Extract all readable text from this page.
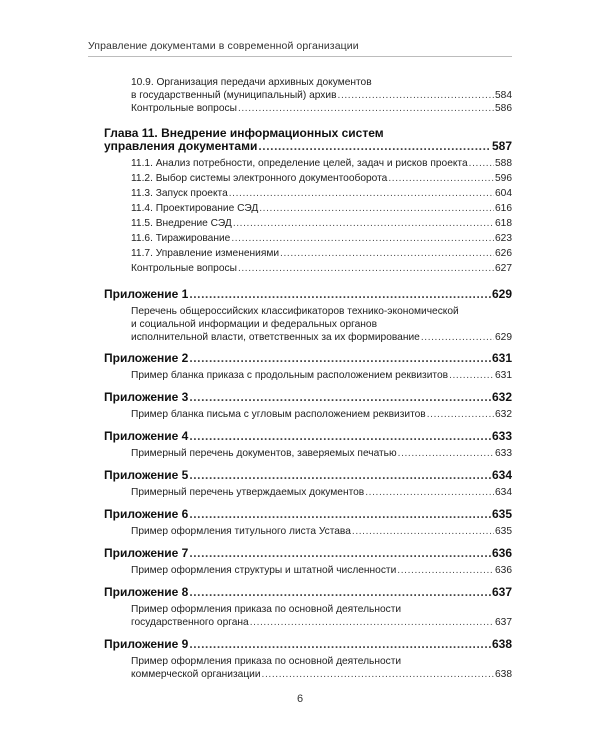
Управление документами в современной организации
10.9. Организация передачи архивных документов
в государственный (муниципальный) архив .....	584
Контрольные вопросы .....	586
Глава 11. Внедрение информационных систем
управления документами .....	587
11.1. Анализ потребности, определение целей, задач и рисков проекта .....	588
11.2. Выбор системы электронного документооборота .....	596
11.3. Запуск проекта .....	604
11.4. Проектирование СЭД .....	616
11.5. Внедрение СЭД .....	618
11.6. Тиражирование .....	623
11.7. Управление изменениями .....	626
Контрольные вопросы .....	627
Приложение 1 .....	629
Перечень общероссийских классификаторов технико-экономической
и социальной информации и федеральных органов
исполнительной власти, ответственных за их формирование .....	629
Приложение 2 .....	631
Пример бланка приказа с продольным расположением реквизитов .....	631
Приложение 3 .....	632
Пример бланка письма с угловым расположением реквизитов .....	632
Приложение 4 .....	633
Примерный перечень документов, заверяемых печатью .....	633
Приложение 5 .....	634
Примерный перечень утверждаемых документов .....	634
Приложение 6 .....	635
Пример оформления титульного листа Устава .....	635
Приложение 7 .....	636
Пример оформления структуры и штатной численности .....	636
Приложение 8 .....	637
Пример оформления приказа по основной деятельности
государственного органа .....	637
Приложение 9 .....	638
Пример оформления приказа по основной деятельности
коммерческой организации .....	638
6
